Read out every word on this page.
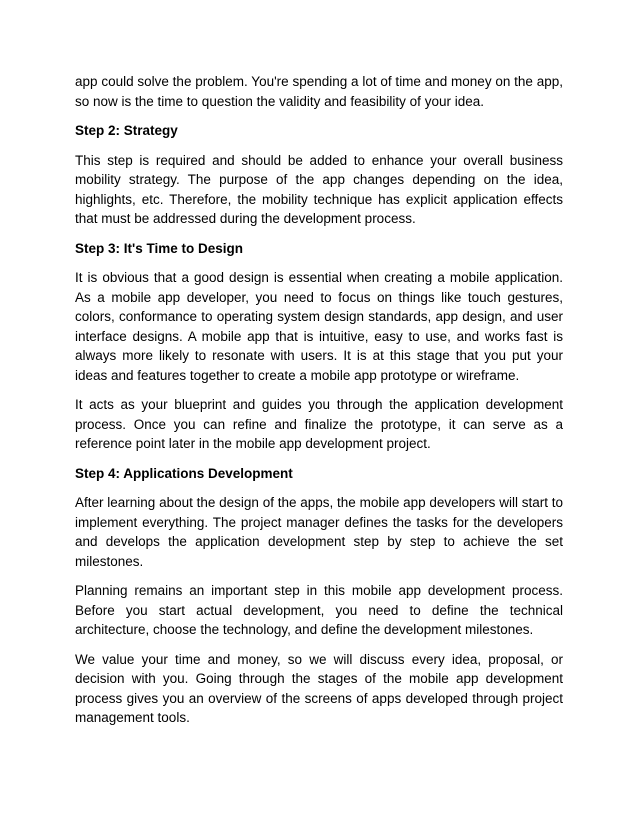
app could solve the problem. You're spending a lot of time and money on the app, so now is the time to question the validity and feasibility of your idea.

Step 2: Strategy

This step is required and should be added to enhance your overall business mobility strategy. The purpose of the app changes depending on the idea, highlights, etc. Therefore, the mobility technique has explicit application effects that must be addressed during the development process.

Step 3: It's Time to Design

It is obvious that a good design is essential when creating a mobile application. As a mobile app developer, you need to focus on things like touch gestures, colors, conformance to operating system design standards, app design, and user interface designs. A mobile app that is intuitive, easy to use, and works fast is always more likely to resonate with users. It is at this stage that you put your ideas and features together to create a mobile app prototype or wireframe.

It acts as your blueprint and guides you through the application development process. Once you can refine and finalize the prototype, it can serve as a reference point later in the mobile app development project.

Step 4: Applications Development

After learning about the design of the apps, the mobile app developers will start to implement everything. The project manager defines the tasks for the developers and develops the application development step by step to achieve the set milestones.

Planning remains an important step in this mobile app development process. Before you start actual development, you need to define the technical architecture, choose the technology, and define the development milestones.

We value your time and money, so we will discuss every idea, proposal, or decision with you. Going through the stages of the mobile app development process gives you an overview of the screens of apps developed through project management tools.
